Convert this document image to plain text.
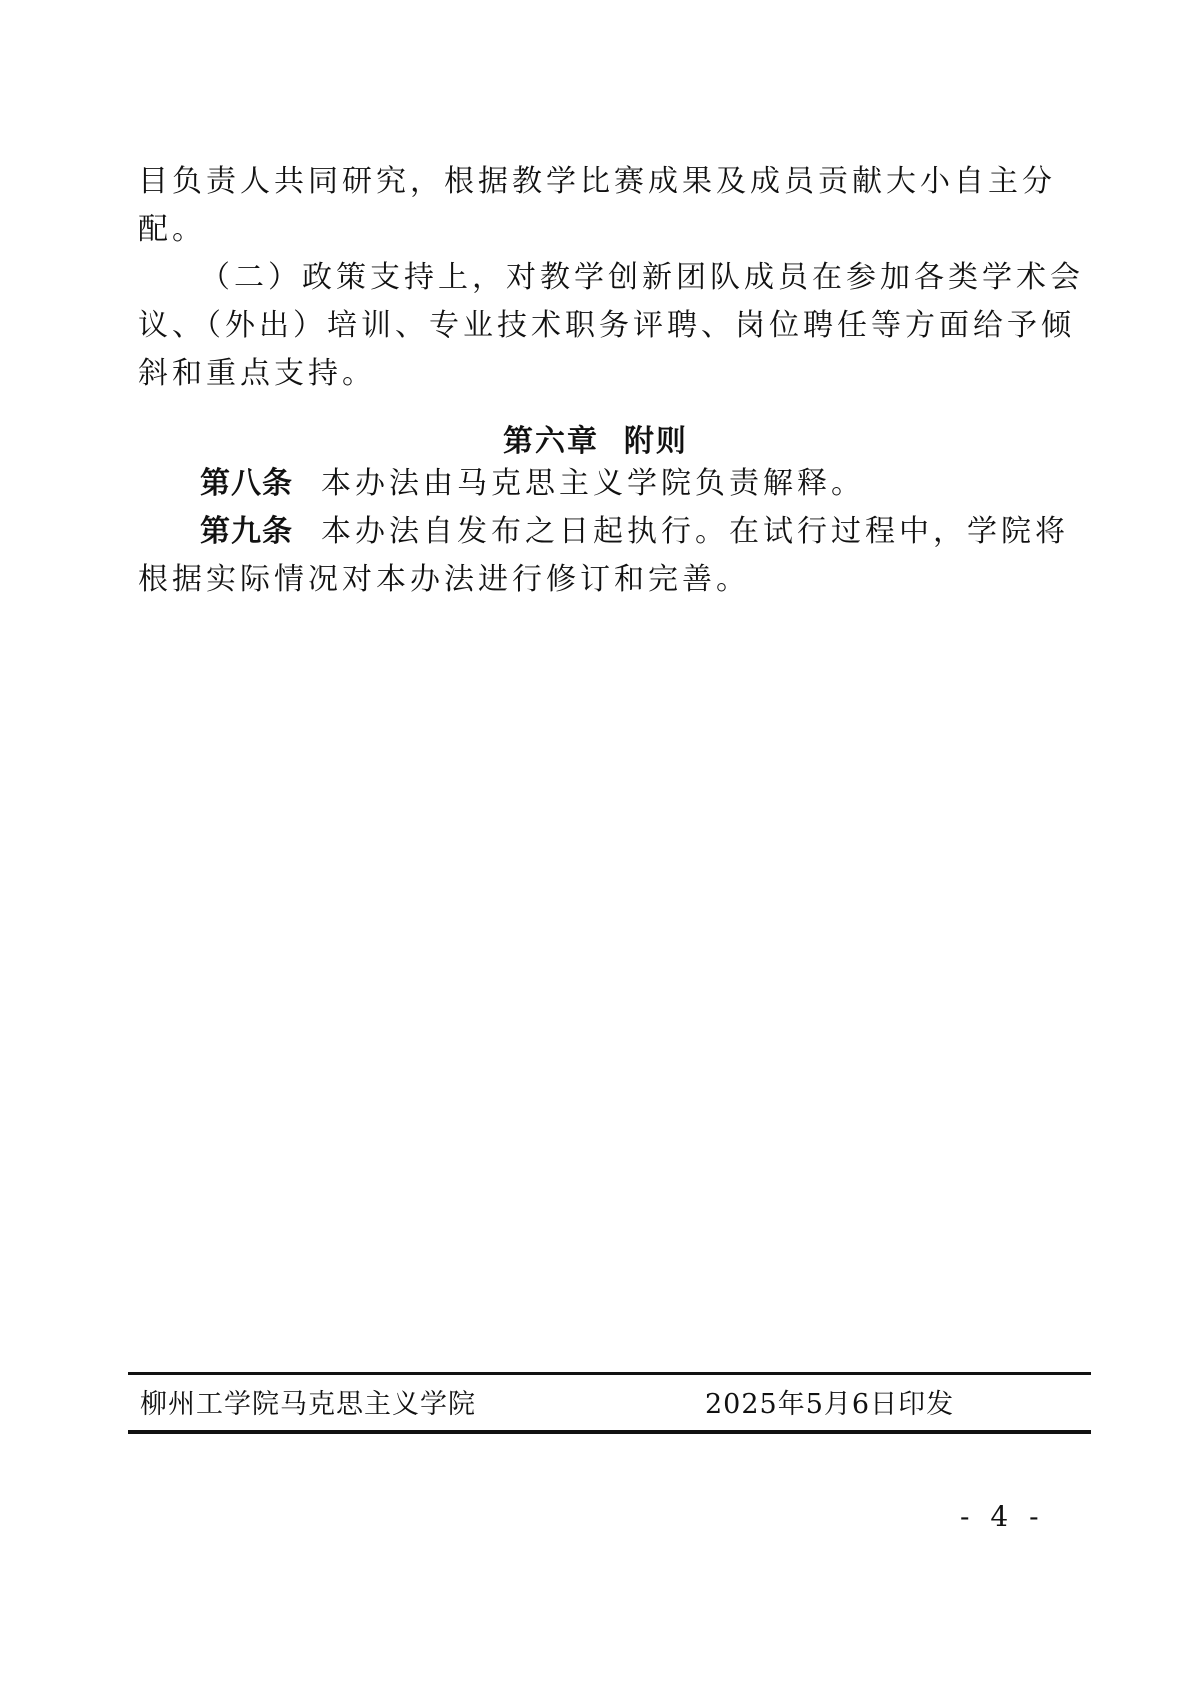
目负责人共同研究，根据教学比赛成果及成员贡献大小自主分
配。
（二）政策支持上，对教学创新团队成员在参加各类学术会
议、（外出）培训、专业技术职务评聘、岗位聘任等方面给予倾
斜和重点支持。
第六章  附则
第八条 本办法由马克思主义学院负责解释。
第九条 本办法自发布之日起执行。在试行过程中，学院将
根据实际情况对本办法进行修订和完善。
柳州工学院马克思主义学院	2025年5月6日印发
- 4 -
